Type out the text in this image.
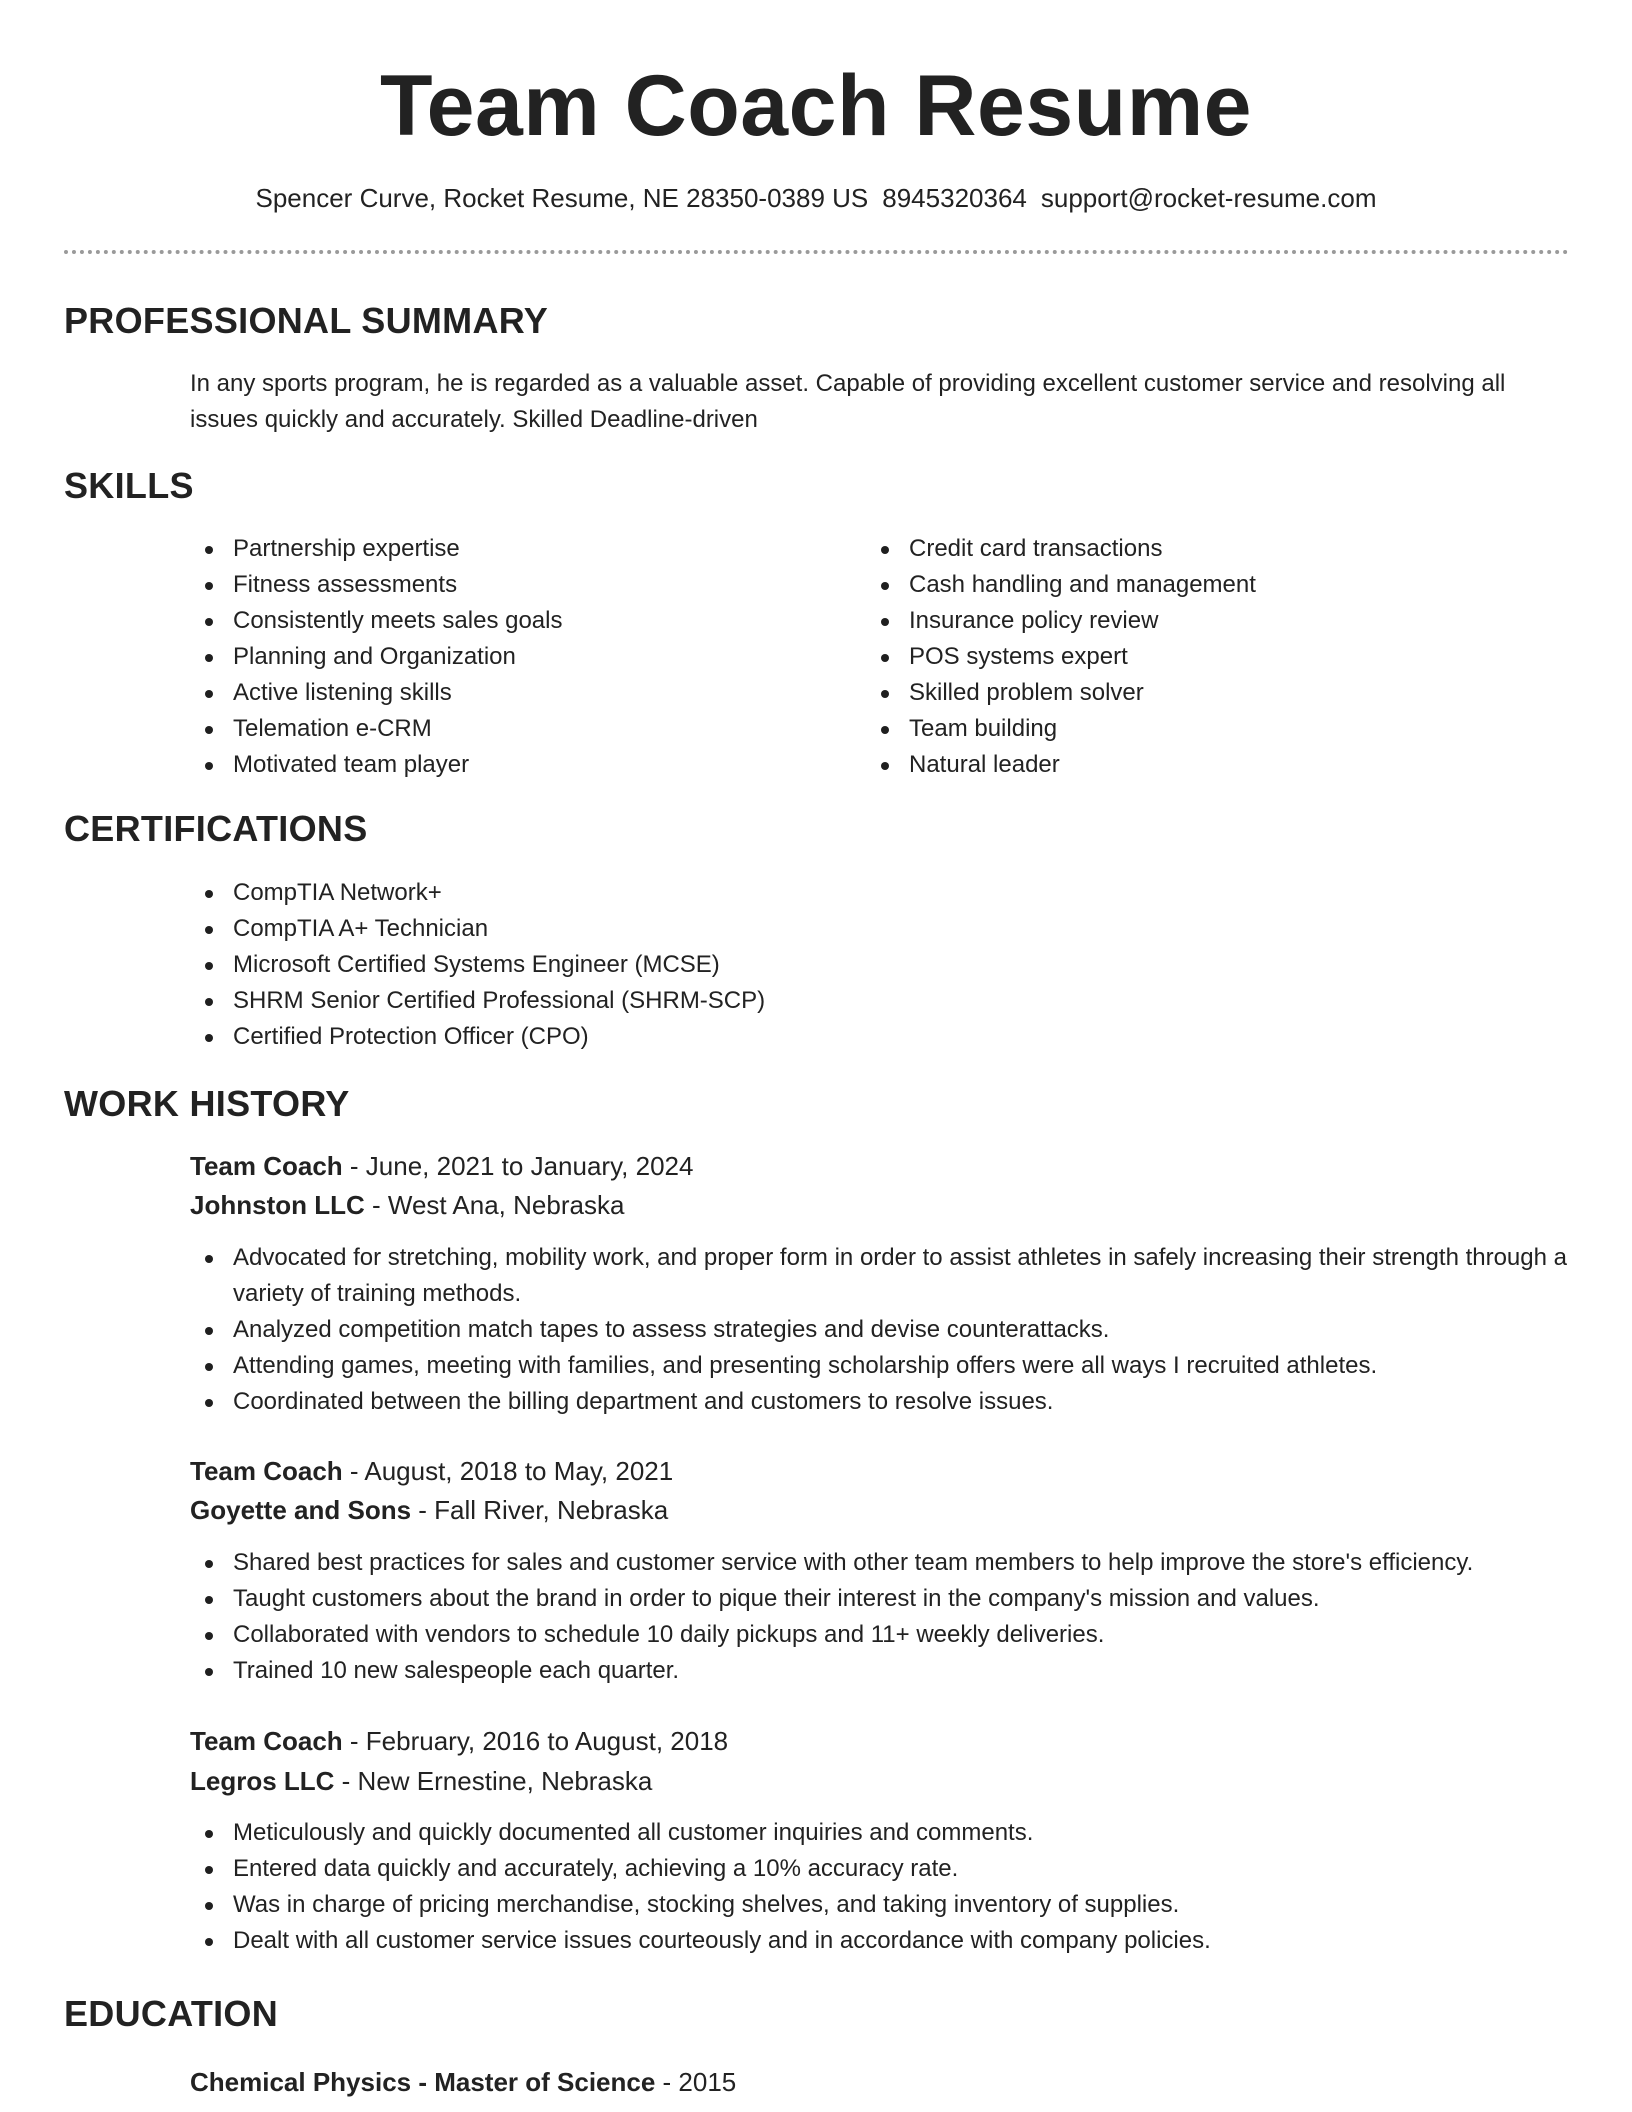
Team Coach Resume
Spencer Curve, Rocket Resume, NE 28350-0389 US 8945320364 support@rocket-resume.com
PROFESSIONAL SUMMARY

In any sports program, he is regarded as a valuable asset. Capable of providing excellent customer service and resolving all issues quickly and accurately. Skilled Deadline-driven

SKILLS
Partnership expertise
Fitness assessments
Consistently meets sales goals
Planning and Organization
Active listening skills
Telemation e-CRM
Motivated team player
Credit card transactions
Cash handling and management
Insurance policy review
POS systems expert
Skilled problem solver
Team building
Natural leader
CERTIFICATIONS
CompTIA Network+
CompTIA A+ Technician
Microsoft Certified Systems Engineer (MCSE)
SHRM Senior Certified Professional (SHRM-SCP)
Certified Protection Officer (CPO)
WORK HISTORY
Team Coach - June, 2021 to January, 2024
Johnston LLC - West Ana, Nebraska
Advocated for stretching, mobility work, and proper form in order to assist athletes in safely increasing their strength through a variety of training methods.
Analyzed competition match tapes to assess strategies and devise counterattacks.
Attending games, meeting with families, and presenting scholarship offers were all ways I recruited athletes.
Coordinated between the billing department and customers to resolve issues.
Team Coach - August, 2018 to May, 2021
Goyette and Sons - Fall River, Nebraska
Shared best practices for sales and customer service with other team members to help improve the store's efficiency.
Taught customers about the brand in order to pique their interest in the company's mission and values.
Collaborated with vendors to schedule 10 daily pickups and 11+ weekly deliveries.
Trained 10 new salespeople each quarter.
Team Coach - February, 2016 to August, 2018
Legros LLC - New Ernestine, Nebraska
Meticulously and quickly documented all customer inquiries and comments.
Entered data quickly and accurately, achieving a 10% accuracy rate.
Was in charge of pricing merchandise, stocking shelves, and taking inventory of supplies.
Dealt with all customer service issues courteously and in accordance with company policies.
EDUCATION
Chemical Physics - Master of Science - 2015
